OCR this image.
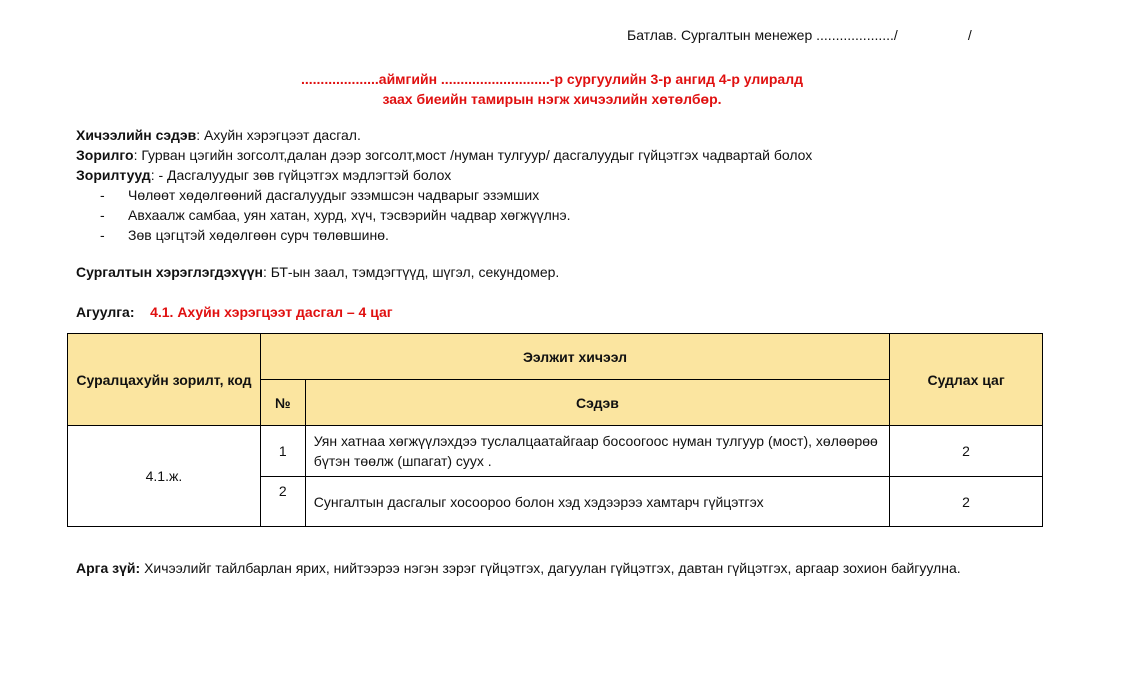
Батлав. Сургалтын менежер ..................../                  /
....................аймгийн ............................-р сургуулийн 3-р ангид 4-р улиралд
заах биеийн тамирын нэгж хичээлийн хөтөлбөр.
Хичээлийн сэдэв: Ахуйн хэрэгцээт дасгал.
Зорилго: Гурван цэгийн зогсолт,далан дээр зогсолт,мост /нуман тулгуур/ дасгалуудыг гүйцэтгэх чадвартай болох
Зорилтууд: - Дасгалуудыг зөв гүйцэтгэх мэдлэгтэй болох
- Чөлөөт хөдөлгөөний дасгалуудыг эзэмшсэн чадварыг эзэмших
- Авхаалж самбаа, уян хатан, хурд, хүч, тэсвэрийн чадвар хөгжүүлнэ.
- Зөв цэгцтэй хөдөлгөөн сурч төлөвшинө.
Сургалтын хэрэглэгдэхүүн: БТ-ын заал, тэмдэгтүүд, шүгэл, секундомер.
Агуулга: 4.1. Ахуйн хэрэгцээт дасгал – 4 цаг
Суралцахуйн зорилт, код	Ээлжит хичээл		Судлах цаг
	№	Сэдэв	
4.1.ж.	1	Уян хатнаа хөгжүүлэхдээ туслалцаатайгаар босоогоос нуман тулгуур (мост), хөлөөрөө бүтэн төөлж (шпагат) суух .	2
	2	Сунгалтын дасгалыг хосоороо болон хэд хэдээрээ хамтарч гүйцэтгэх	2
Арга зүй: Хичээлийг тайлбарлан ярих, нийтээрээ нэгэн зэрэг гүйцэтгэх, дагуулан гүйцэтгэх, давтан гүйцэтгэх, аргаар зохион байгуулна.
